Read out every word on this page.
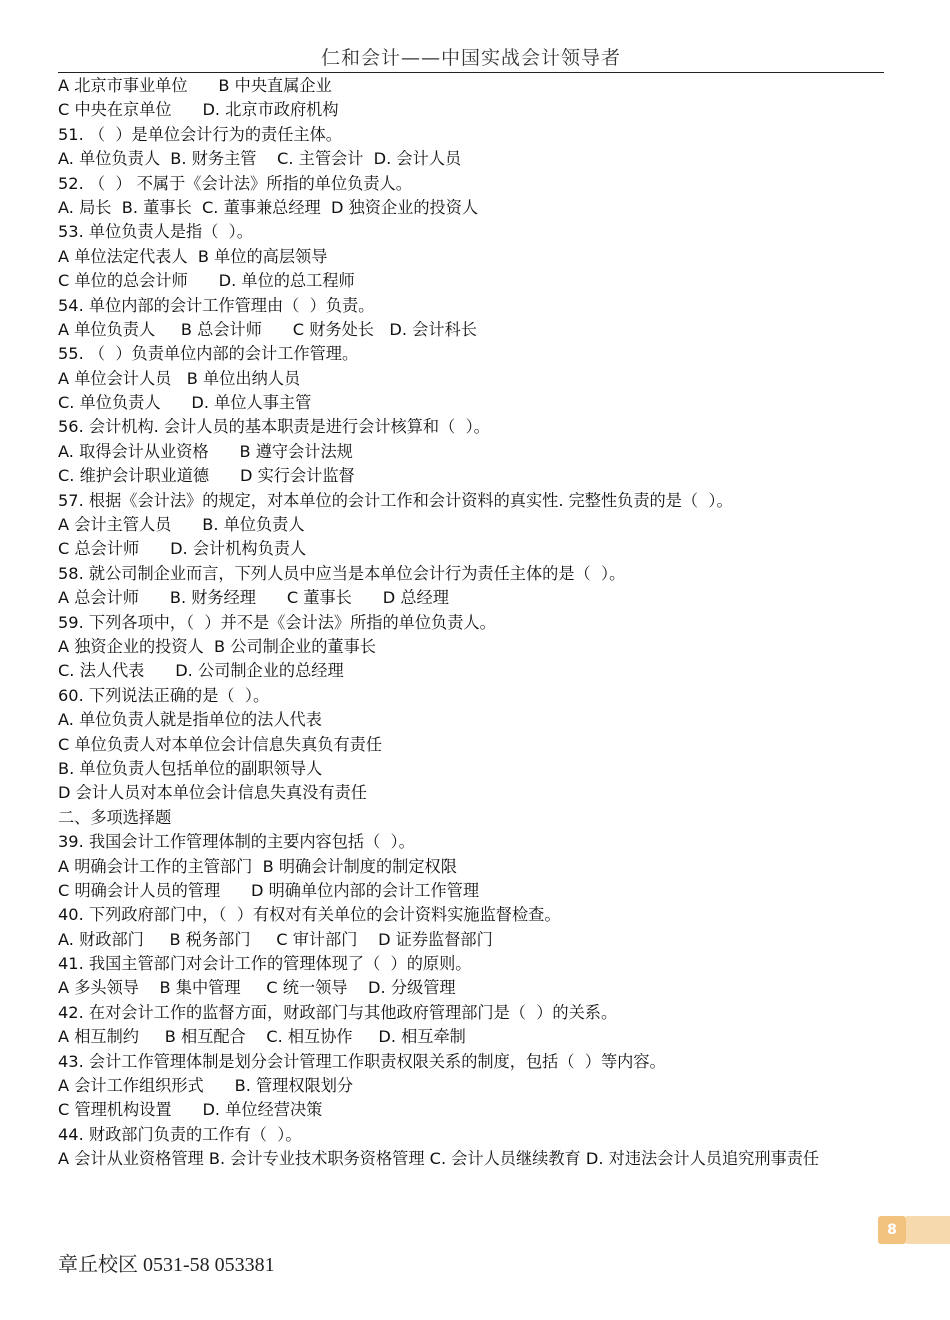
仁和会计——中国实战会计领导者
A 北京市事业单位      B 中央直属企业
C 中央在京单位      D. 北京市政府机构
51. （  ）是单位会计行为的责任主体。
A. 单位负责人  B. 财务主管    C. 主管会计  D. 会计人员
52. （  ） 不属于《会计法》所指的单位负责人。
A. 局长  B. 董事长  C. 董事兼总经理  D 独资企业的投资人
53. 单位负责人是指（  ）。
A 单位法定代表人  B 单位的高层领导
C 单位的总会计师      D. 单位的总工程师
54. 单位内部的会计工作管理由（  ）负责。
A 单位负责人     B 总会计师      C 财务处长   D. 会计科长
55. （  ）负责单位内部的会计工作管理。
A 单位会计人员   B 单位出纳人员
C. 单位负责人      D. 单位人事主管
56. 会计机构. 会计人员的基本职责是进行会计核算和（  ）。
A. 取得会计从业资格      B 遵守会计法规
C. 维护会计职业道德      D 实行会计监督
57. 根据《会计法》的规定，对本单位的会计工作和会计资料的真实性. 完整性负责的是（  ）。
A 会计主管人员      B. 单位负责人
C 总会计师      D. 会计机构负责人
58. 就公司制企业而言，下列人员中应当是本单位会计行为责任主体的是（  ）。
A 总会计师      B. 财务经理      C 董事长      D 总经理
59. 下列各项中，（  ）并不是《会计法》所指的单位负责人。
A 独资企业的投资人  B 公司制企业的董事长
C. 法人代表      D. 公司制企业的总经理
60. 下列说法正确的是（  ）。
A. 单位负责人就是指单位的法人代表
C 单位负责人对本单位会计信息失真负有责任
B. 单位负责人包括单位的副职领导人
D 会计人员对本单位会计信息失真没有责任
二、多项选择题
39. 我国会计工作管理体制的主要内容包括（  ）。
A 明确会计工作的主管部门  B 明确会计制度的制定权限
C 明确会计人员的管理      D 明确单位内部的会计工作管理
40. 下列政府部门中，（  ）有权对有关单位的会计资料实施监督检查。
A. 财政部门     B 税务部门     C 审计部门    D 证券监督部门
41. 我国主管部门对会计工作的管理体现了（  ）的原则。
A 多头领导    B 集中管理     C 统一领导    D. 分级管理
42. 在对会计工作的监督方面，财政部门与其他政府管理部门是（  ）的关系。
A 相互制约     B 相互配合    C. 相互协作     D. 相互牵制
43. 会计工作管理体制是划分会计管理工作职责权限关系的制度，包括（  ）等内容。
A 会计工作组织形式      B. 管理权限划分
C 管理机构设置      D. 单位经营决策
44. 财政部门负责的工作有（  ）。
A 会计从业资格管理 B. 会计专业技术职务资格管理 C. 会计人员继续教育 D. 对违法会计人员追究刑事责任
8
章丘校区 0531-58 053381
